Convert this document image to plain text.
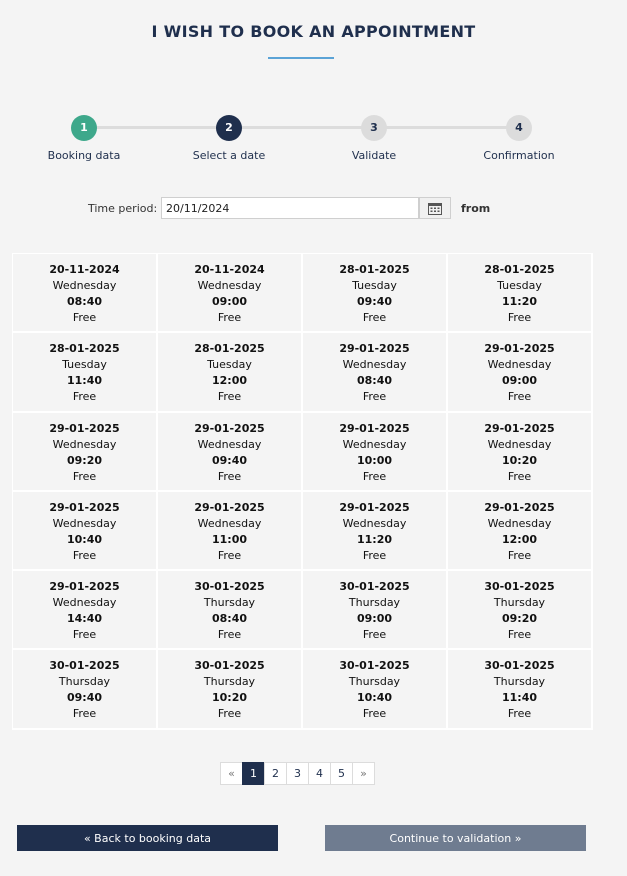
I WISH TO BOOK AN APPOINTMENT
1
Booking data
2
Select a date
3
Validate
4
Confirmation
Time period:
20/11/2024	from
20-11-2024
Wednesday
08:40
Free
20-11-2024
Wednesday
09:00
Free
28-01-2025
Tuesday
09:40
Free
28-01-2025
Tuesday
11:20
Free
28-01-2025
Tuesday
11:40
Free
28-01-2025
Tuesday
12:00
Free
29-01-2025
Wednesday
08:40
Free
29-01-2025
Wednesday
09:00
Free
29-01-2025
Wednesday
09:20
Free
29-01-2025
Wednesday
09:40
Free
29-01-2025
Wednesday
10:00
Free
29-01-2025
Wednesday
10:20
Free
29-01-2025
Wednesday
10:40
Free
29-01-2025
Wednesday
11:00
Free
29-01-2025
Wednesday
11:20
Free
29-01-2025
Wednesday
12:00
Free
29-01-2025
Wednesday
14:40
Free
30-01-2025
Thursday
08:40
Free
30-01-2025
Thursday
09:00
Free
30-01-2025
Thursday
09:20
Free
30-01-2025
Thursday
09:40
Free
30-01-2025
Thursday
10:20
Free
30-01-2025
Thursday
10:40
Free
30-01-2025
Thursday
11:40
Free
«	1	2	3	4	5	»
« Back to booking data	Continue to validation »
